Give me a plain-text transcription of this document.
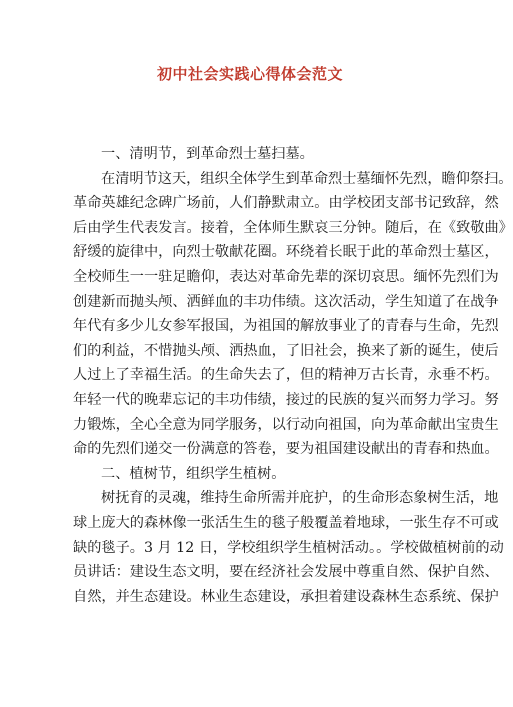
初中社会实践心得体会范文
一、清明节，到革命烈士墓扫墓。
在清明节这天，组织全体学生到革命烈士墓缅怀先烈，瞻仰祭扫。
革命英雄纪念碑广场前，人们静默肃立。由学校团支部书记致辞，然
后由学生代表发言。接着，全体师生默哀三分钟。随后，在《致敬曲》
舒缓的旋律中，向烈士敬献花圈。环绕着长眠于此的革命烈士墓区，
全校师生一一驻足瞻仰，表达对革命先辈的深切哀思。缅怀先烈们为
创建新而抛头颅、洒鲜血的丰功伟绩。这次活动，学生知道了在战争
年代有多少儿女参军报国，为祖国的解放事业了的青春与生命，先烈
们的利益，不惜抛头颅、洒热血，了旧社会，换来了新的诞生，使后
人过上了幸福生活。的生命失去了，但的精神万古长青，永垂不朽。
年轻一代的晚辈忘记的丰功伟绩，接过的民族的复兴而努力学习。努
力锻炼，全心全意为同学服务，以行动向祖国，向为革命献出宝贵生
命的先烈们递交一份满意的答卷，要为祖国建设献出的青春和热血。
二、植树节，组织学生植树。
树抚育的灵魂，维持生命所需并庇护，的生命形态象树生活，地
球上庞大的森林像一张活生生的毯子般覆盖着地球，一张生存不可或
缺的毯子。3 月 12 日，学校组织学生植树活动。。学校做植树前的动
员讲话：建设生态文明，要在经济社会发展中尊重自然、保护自然、
自然，并生态建设。林业生态建设，承担着建设森林生态系统、保护
